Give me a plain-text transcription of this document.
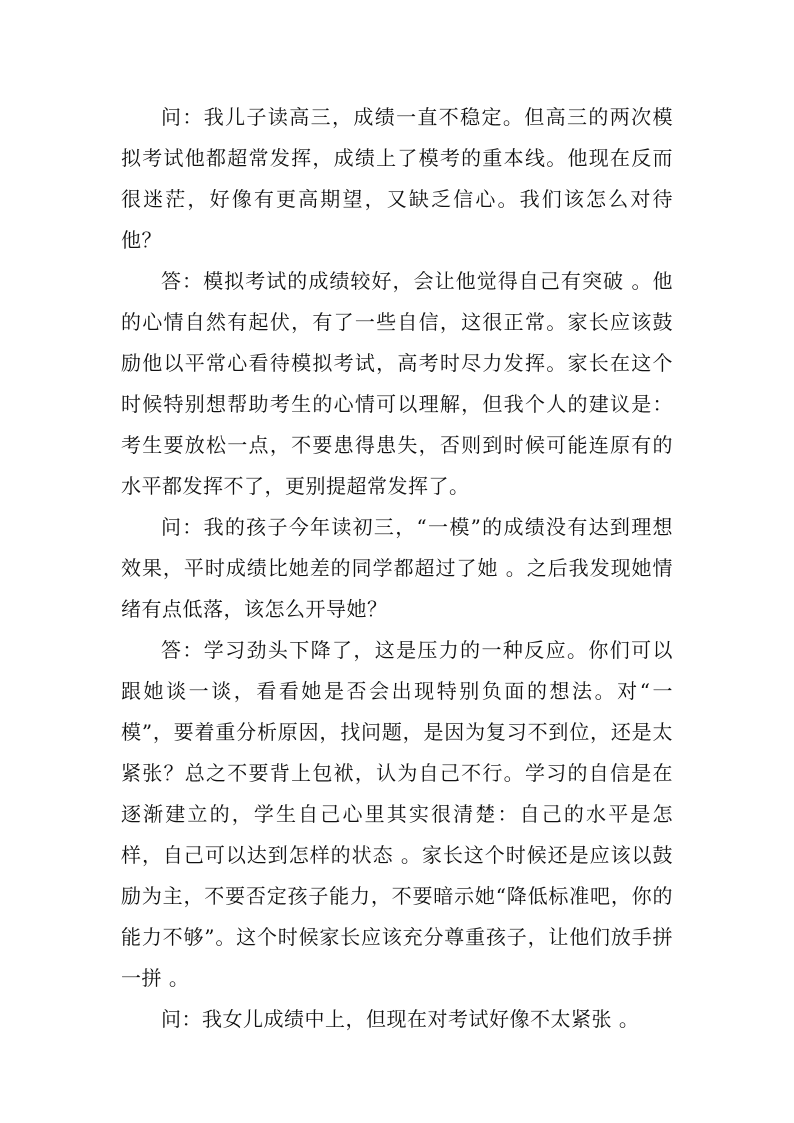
问：我儿子读高三，成绩一直不稳定。但高三的两次模拟考试他都超常发挥，成绩上了模考的重本线。他现在反而很迷茫，好像有更高期望，又缺乏信心。我们该怎么对待他？

答：模拟考试的成绩较好，会让他觉得自己有突破 。他的心情自然有起伏，有了一些自信，这很正常。家长应该鼓励他以平常心看待模拟考试，高考时尽力发挥。家长在这个时候特别想帮助考生的心情可以理解，但我个人的建议是：考生要放松一点，不要患得患失，否则到时候可能连原有的水平都发挥不了，更别提超常发挥了。

问：我的孩子今年读初三，“一模”的成绩没有达到理想效果，平时成绩比她差的同学都超过了她 。之后我发现她情绪有点低落，该怎么开导她？

答：学习劲头下降了，这是压力的一种反应。你们可以跟她谈一谈，看看她是否会出现特别负面的想法。对“一模”，要着重分析原因，找问题，是因为复习不到位，还是太紧张？总之不要背上包袱，认为自己不行。学习的自信是在逐渐建立的，学生自己心里其实很清楚：自己的水平是怎样，自己可以达到怎样的状态 。家长这个时候还是应该以鼓励为主，不要否定孩子能力，不要暗示她“降低标准吧，你的能力不够”。这个时候家长应该充分尊重孩子，让他们放手拼一拼 。

问：我女儿成绩中上，但现在对考试好像不太紧张 。
